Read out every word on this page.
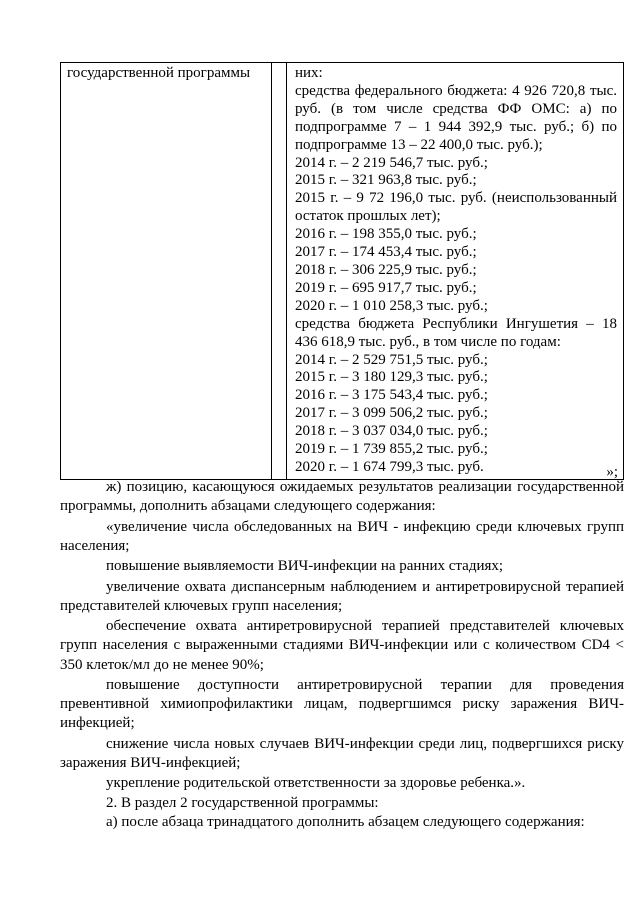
государственной программы		них:
средства федерального бюджета: 4 926 720,8 тыс. руб. (в том числе средства ФФ ОМС: а) по подпрограмме 7 – 1 944 392,9 тыс. руб.; б) по подпрограмме 13 – 22 400,0 тыс. руб.);
2014 г. – 2 219 546,7 тыс. руб.;
2015 г. – 321 963,8 тыс. руб.;
2015 г. – 9 72 196,0 тыс. руб. (неиспользованный остаток прошлых лет);
2016 г. – 198 355,0 тыс. руб.;
2017 г. – 174 453,4 тыс. руб.;
2018 г. – 306 225,9 тыс. руб.;
2019 г. – 695 917,7 тыс. руб.;
2020 г. – 1 010 258,3 тыс. руб.;
средства бюджета Республики Ингушетия – 18 436 618,9 тыс. руб., в том числе по годам:
2014 г. – 2 529 751,5 тыс. руб.;
2015 г. – 3 180 129,3 тыс. руб.;
2016 г. – 3 175 543,4 тыс. руб.;
2017 г. – 3 099 506,2 тыс. руб.;
2018 г. – 3 037 034,0 тыс. руб.;
2019 г. – 1 739 855,2 тыс. руб.;
2020 г. – 1 674 799,3 тыс. руб.	»;

ж) позицию, касающуюся ожидаемых результатов реализации государственной программы, дополнить абзацами следующего содержания:

«увеличение числа обследованных на ВИЧ - инфекцию среди ключевых групп населения;

повышение выявляемости ВИЧ-инфекции на ранних стадиях;

увеличение охвата диспансерным наблюдением и антиретровирусной терапией представителей ключевых групп населения;

обеспечение охвата антиретровирусной терапией представителей ключевых групп населения с выраженными стадиями ВИЧ-инфекции или с количеством CD4 < 350 клеток/мл до не менее 90%;

повышение доступности антиретровирусной терапии для проведения превентивной химиопрофилактики лицам, подвергшимся риску заражения ВИЧ-инфекцией;

снижение числа новых случаев ВИЧ-инфекции среди лиц, подвергшихся риску заражения ВИЧ-инфекцией;

укрепление родительской ответственности за здоровье ребенка.».

2. В раздел 2 государственной программы:

а) после абзаца тринадцатого дополнить абзацем следующего содержания:
